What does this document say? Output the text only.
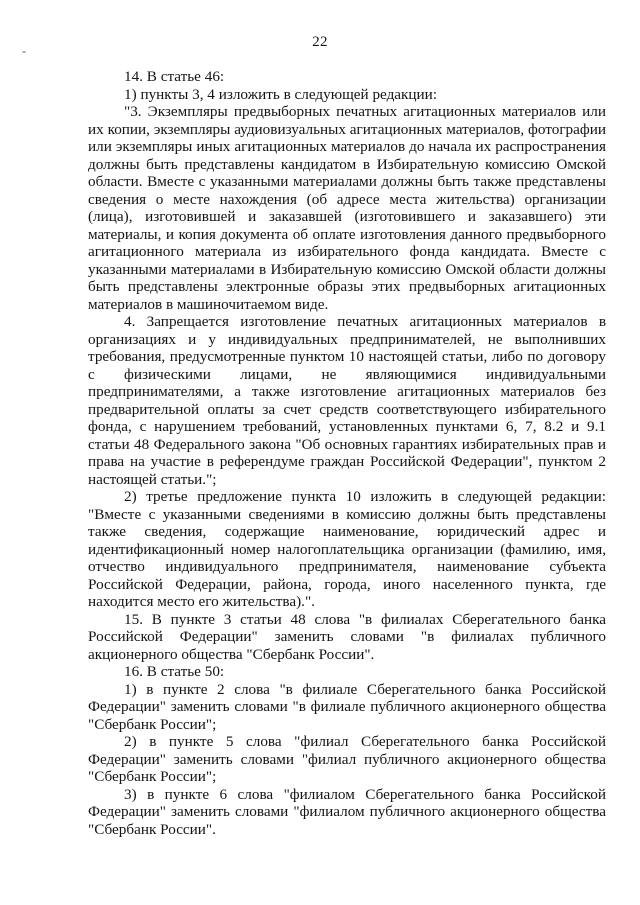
-
22

14. В статье 46:

1) пункты 3, 4 изложить в следующей редакции:

"3. Экземпляры предвыборных печатных агитационных материалов или их копии, экземпляры аудиовизуальных агитационных материалов, фотографии или экземпляры иных агитационных материалов до начала их распространения должны быть представлены кандидатом в Избирательную комиссию Омской области. Вместе с указанными материалами должны быть также представлены сведения о месте нахождения (об адресе места жительства) организации (лица), изготовившей и заказавшей (изготовившего и заказавшего) эти материалы, и копия документа об оплате изготовления данного предвыборного агитационного материала из избирательного фонда кандидата. Вместе с указанными материалами в Избирательную комиссию Омской области должны быть представлены электронные образы этих предвыборных агитационных материалов в машиночитаемом виде.

4. Запрещается изготовление печатных агитационных материалов в организациях и у индивидуальных предпринимателей, не выполнивших требования, предусмотренные пунктом 10 настоящей статьи, либо по договору с физическими лицами, не являющимися индивидуальными предпринимателями, а также изготовление агитационных материалов без предварительной оплаты за счет средств соответствующего избирательного фонда, с нарушением требований, установленных пунктами 6, 7, 8.2 и 9.1 статьи 48 Федерального закона "Об основных гарантиях избирательных прав и права на участие в референдуме граждан Российской Федерации", пунктом 2 настоящей статьи.";

2) третье предложение пункта 10 изложить в следующей редакции: "Вместе с указанными сведениями в комиссию должны быть представлены также сведения, содержащие наименование, юридический адрес и идентификационный номер налогоплательщика организации (фамилию, имя, отчество индивидуального предпринимателя, наименование субъекта Российской Федерации, района, города, иного населенного пункта, где находится место его жительства).".

15. В пункте 3 статьи 48 слова "в филиалах Сберегательного банка Российской Федерации" заменить словами "в филиалах публичного акционерного общества "Сбербанк России".

16. В статье 50:

1) в пункте 2 слова "в филиале Сберегательного банка Российской Федерации" заменить словами "в филиале публичного акционерного общества "Сбербанк России";

2) в пункте 5 слова "филиал Сберегательного банка Российской Федерации" заменить словами "филиал публичного акционерного общества "Сбербанк России";

3) в пункте 6 слова "филиалом Сберегательного банка Российской Федерации" заменить словами "филиалом публичного акционерного общества "Сбербанк России".
